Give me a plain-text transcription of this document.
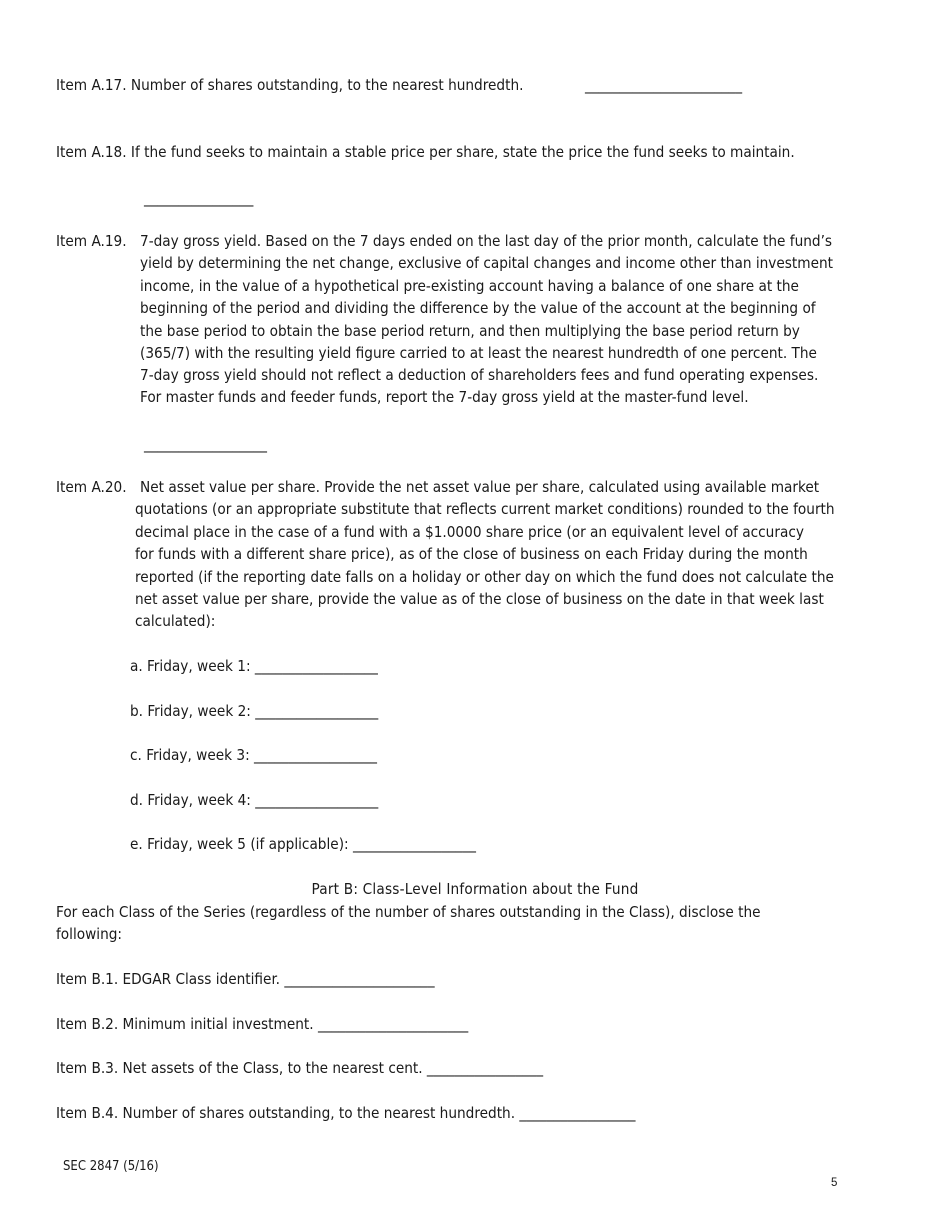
Item A.17. Number of shares outstanding, to the nearest hundredth.	_______________________
Item A.18. If the fund seeks to maintain a stable price per share, state the price the fund seeks to maintain.
________________
Item A.19. 7-day gross yield. Based on the 7 days ended on the last day of the prior month, calculate the fund’s
yield by determining the net change, exclusive of capital changes and income other than investment
income, in the value of a hypothetical pre-existing account having a balance of one share at the
beginning of the period and dividing the difference by the value of the account at the beginning of
the base period to obtain the base period return, and then multiplying the base period return by
(365/7) with the resulting yield figure carried to at least the nearest hundredth of one percent. The
7-day gross yield should not reflect a deduction of shareholders fees and fund operating expenses.
For master funds and feeder funds, report the 7-day gross yield at the master-fund level.
__________________
Item A.20. Net asset value per share. Provide the net asset value per share, calculated using available market
quotations (or an appropriate substitute that reflects current market conditions) rounded to the fourth
decimal place in the case of a fund with a $1.0000 share price (or an equivalent level of accuracy
for funds with a different share price), as of the close of business on each Friday during the month
reported (if the reporting date falls on a holiday or other day on which the fund does not calculate the
net asset value per share, provide the value as of the close of business on the date in that week last
calculated):
a. Friday, week 1: __________________
b. Friday, week 2: __________________
c. Friday, week 3: __________________
d. Friday, week 4: __________________
e. Friday, week 5 (if applicable): __________________
Part B: Class-Level Information about the Fund
For each Class of the Series (regardless of the number of shares outstanding in the Class), disclose the
following:
Item B.1. EDGAR Class identifier. ______________________
Item B.2. Minimum initial investment. ______________________
Item B.3. Net assets of the Class, to the nearest cent. _________________
Item B.4. Number of shares outstanding, to the nearest hundredth. _________________
SEC 2847 (5/16)
5
